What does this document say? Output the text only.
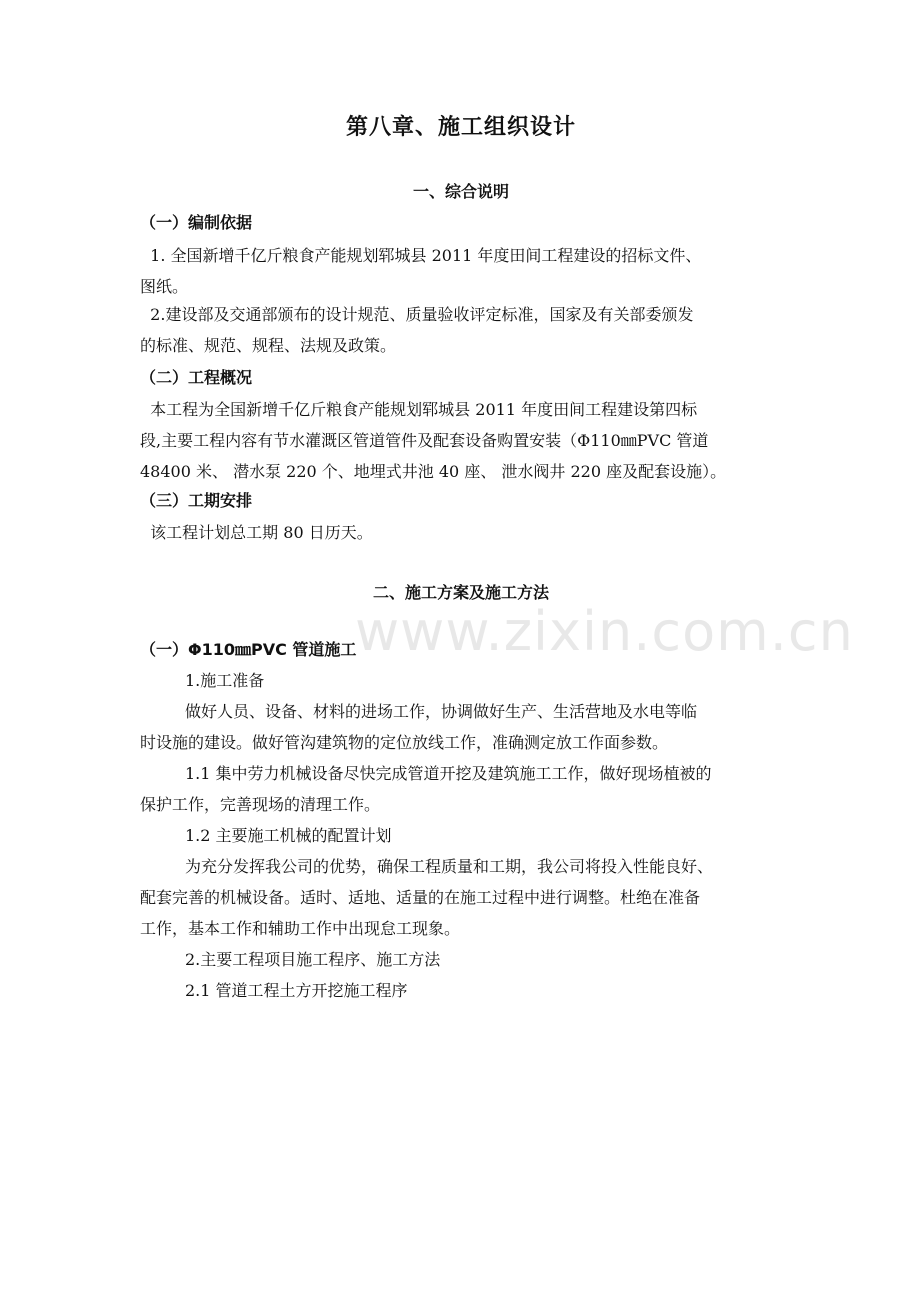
www.zixin.com.cn
第八章、施工组织设计
一、综合说明
（一）编制依据
1. 全国新增千亿斤粮食产能规划郓城县 2011 年度田间工程建设的招标文件、
图纸。
2.建设部及交通部颁布的设计规范、质量验收评定标准，国家及有关部委颁发
的标准、规范、规程、法规及政策。
（二）工程概况
本工程为全国新增千亿斤粮食产能规划郓城县 2011 年度田间工程建设第四标
段,主要工程内容有节水灌溉区管道管件及配套设备购置安装（Φ110㎜PVC 管道
48400 米、 潜水泵 220 个、地埋式井池 40 座、 泄水阀井 220 座及配套设施）。
（三）工期安排
该工程计划总工期 80 日历天。
二、施工方案及施工方法
（一）Φ110㎜PVC 管道施工
1.施工准备
做好人员、设备、材料的进场工作，协调做好生产、生活营地及水电等临
时设施的建设。做好管沟建筑物的定位放线工作，准确测定放工作面参数。
1.1 集中劳力机械设备尽快完成管道开挖及建筑施工工作，做好现场植被的
保护工作，完善现场的清理工作。
1.2 主要施工机械的配置计划
为充分发挥我公司的优势，确保工程质量和工期，我公司将投入性能良好、
配套完善的机械设备。适时、适地、适量的在施工过程中进行调整。杜绝在准备
工作，基本工作和辅助工作中出现怠工现象。
2.主要工程项目施工程序、施工方法
2.1 管道工程土方开挖施工程序
